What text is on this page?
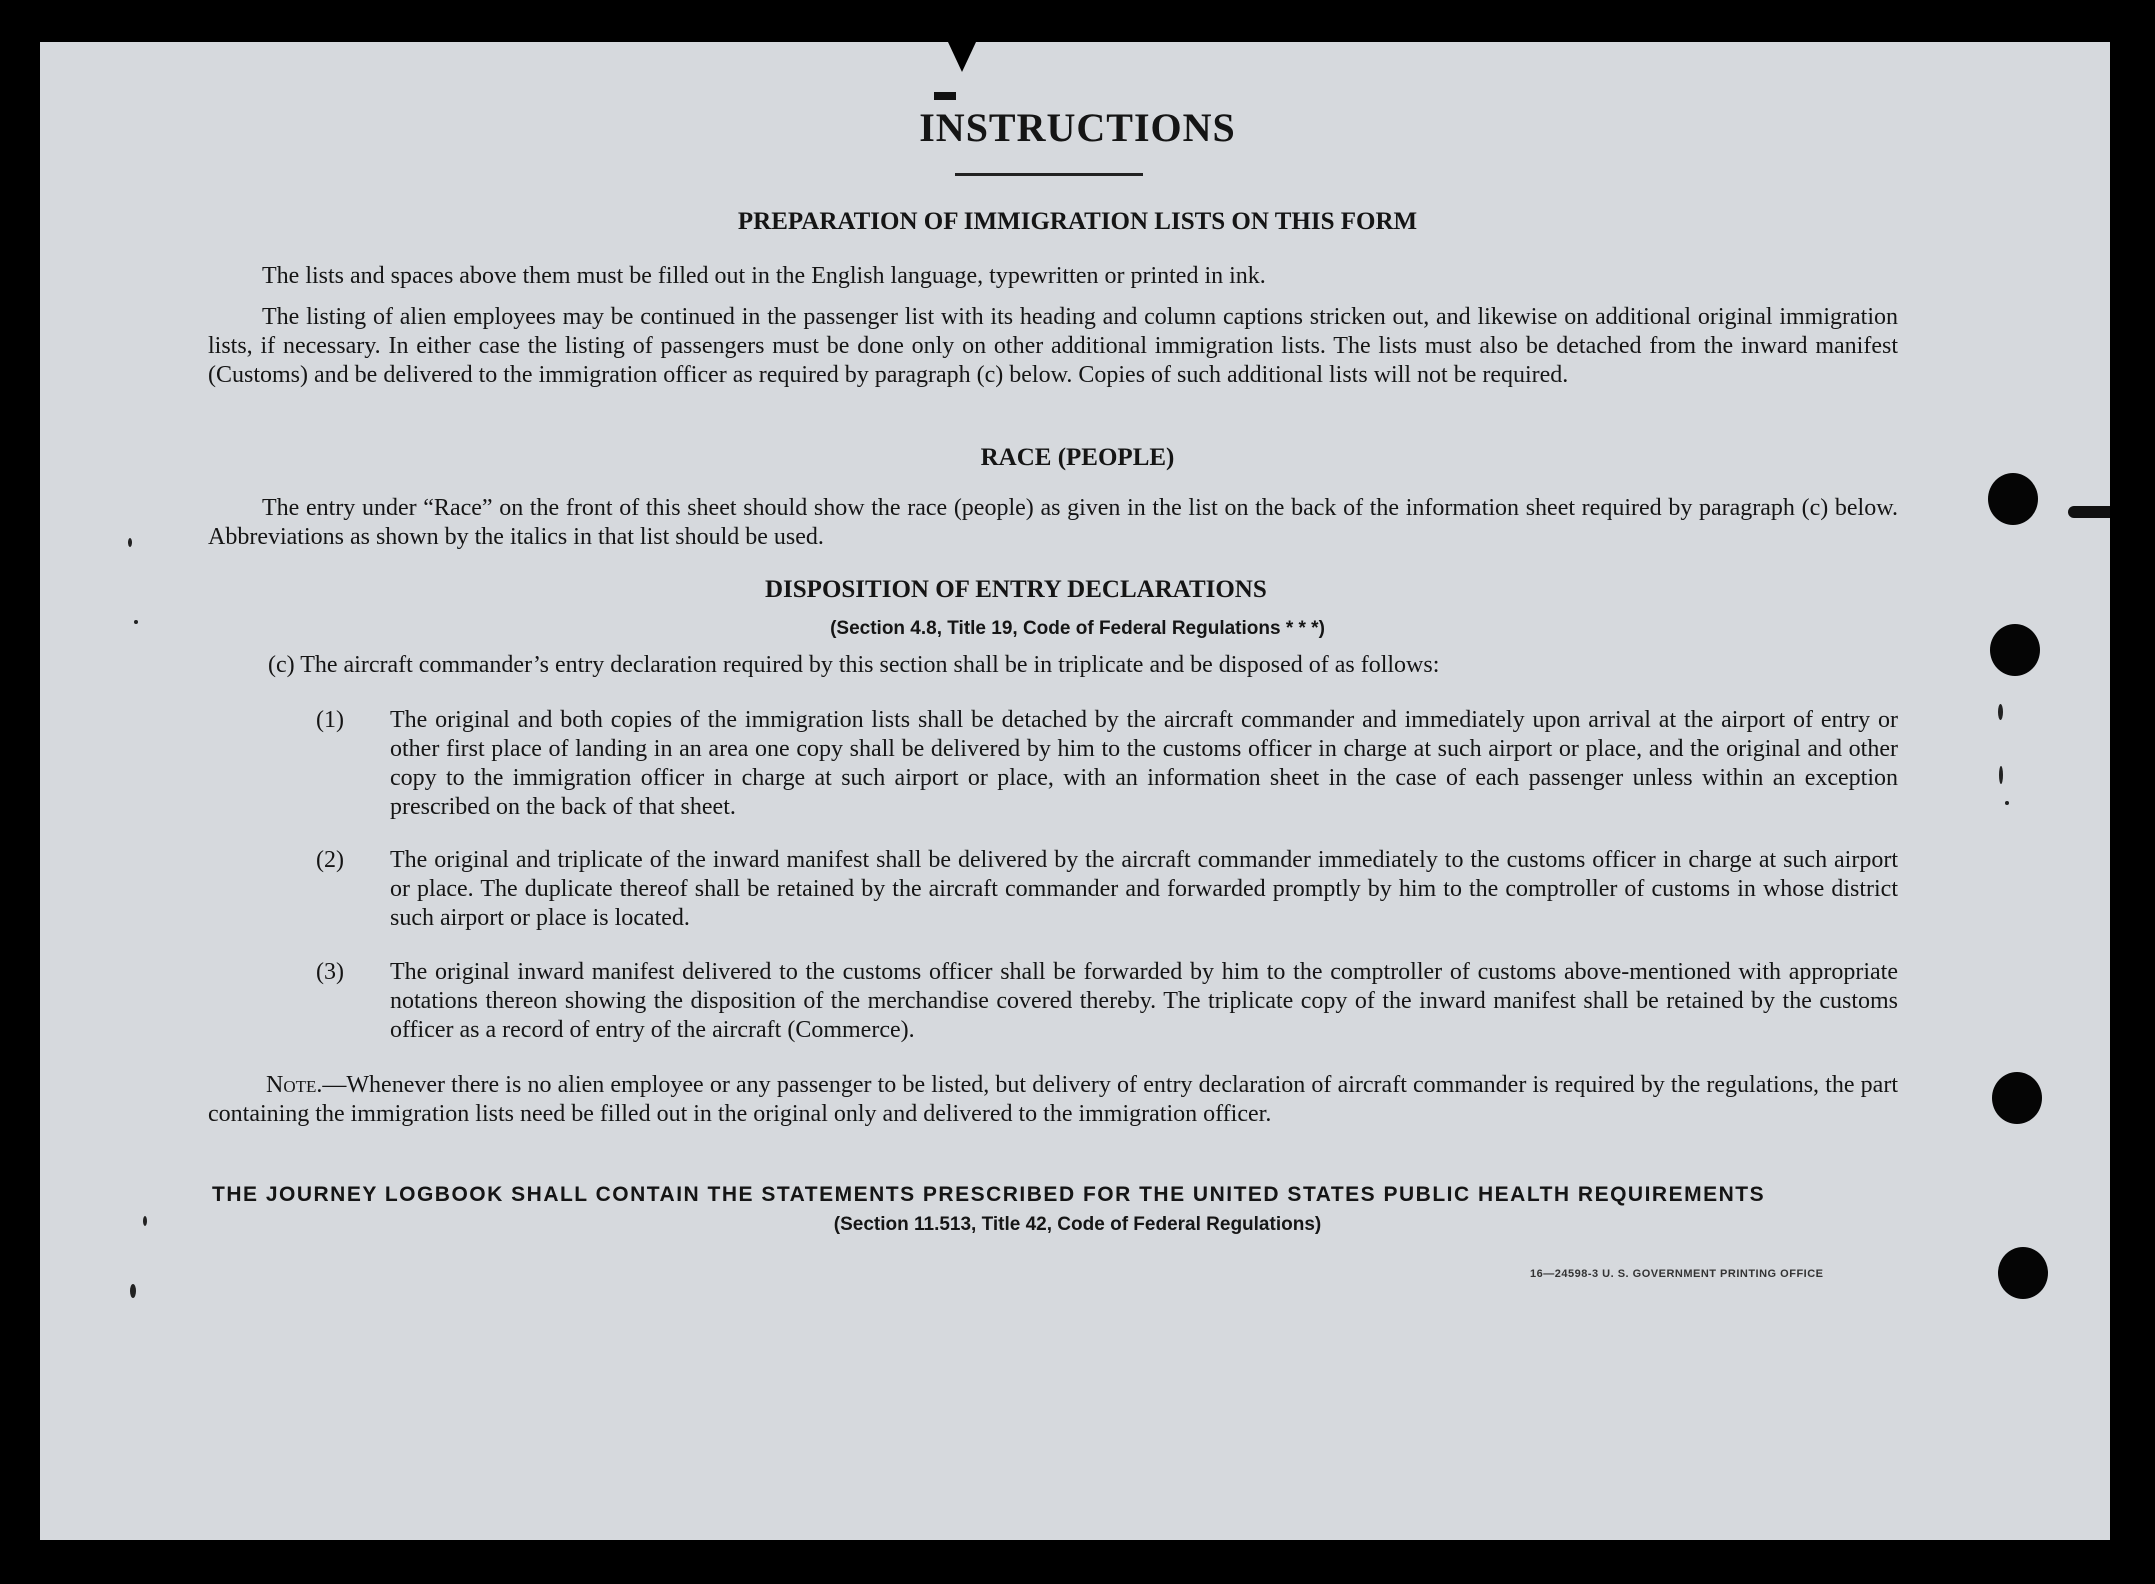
INSTRUCTIONS
PREPARATION OF IMMIGRATION LISTS ON THIS FORM
The lists and spaces above them must be filled out in the English language, typewritten or printed in ink.
The listing of alien employees may be continued in the passenger list with its heading and column captions stricken out, and likewise on additional original immigration lists, if necessary. In either case the listing of passengers must be done only on other additional immigration lists. The lists must also be detached from the inward manifest (Customs) and be delivered to the immigration officer as required by paragraph (c) below. Copies of such additional lists will not be required.
RACE (PEOPLE)
The entry under “Race” on the front of this sheet should show the race (people) as given in the list on the back of the information sheet required by paragraph (c) below. Abbreviations as shown by the italics in that list should be used.
DISPOSITION OF ENTRY DECLARATIONS
(Section 4.8, Title 19, Code of Federal Regulations * * *)
(c) The aircraft commander’s entry declaration required by this section shall be in triplicate and be disposed of as follows:
(1) The original and both copies of the immigration lists shall be detached by the aircraft commander and immediately upon arrival at the airport of entry or other first place of landing in an area one copy shall be delivered by him to the customs officer in charge at such airport or place, and the original and other copy to the immigration officer in charge at such airport or place, with an information sheet in the case of each passenger unless within an exception prescribed on the back of that sheet.
(2) The original and triplicate of the inward manifest shall be delivered by the aircraft commander immediately to the customs officer in charge at such airport or place. The duplicate thereof shall be retained by the aircraft commander and forwarded promptly by him to the comptroller of customs in whose district such airport or place is located.
(3) The original inward manifest delivered to the customs officer shall be forwarded by him to the comptroller of customs above-mentioned with appropriate notations thereon showing the disposition of the merchandise covered thereby. The triplicate copy of the inward manifest shall be retained by the customs officer as a record of entry of the aircraft (Commerce).
Note.—Whenever there is no alien employee or any passenger to be listed, but delivery of entry declaration of aircraft commander is required by the regulations, the part containing the immigration lists need be filled out in the original only and delivered to the immigration officer.
THE JOURNEY LOGBOOK SHALL CONTAIN THE STATEMENTS PRESCRIBED FOR THE UNITED STATES PUBLIC HEALTH REQUIREMENTS
(Section 11.513, Title 42, Code of Federal Regulations)
16—24598-3 U. S. GOVERNMENT PRINTING OFFICE
